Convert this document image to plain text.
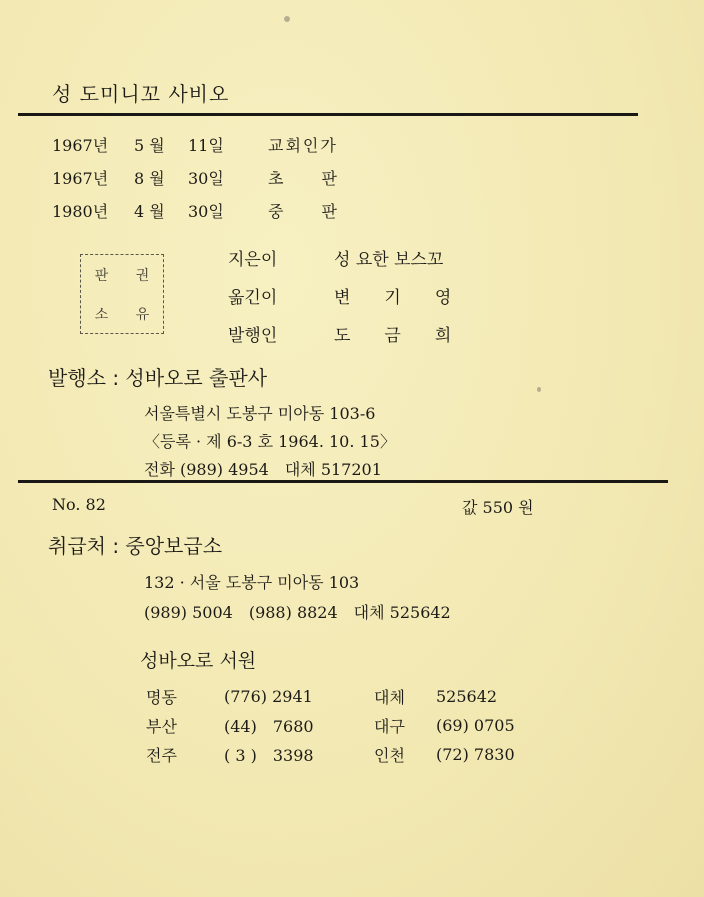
성 도미니꼬 사비오
1967년	5 월	11일	교회인가
1967년	8 월	30일	초　　판
1980년	4 월	30일	중　　판
판 권
소 유
지은이	성 요한 보스꼬
옮긴이	변　　기　　영
발행인	도　　금　　희
발행소 : 성바오로 출판사
서울특별시 도봉구 미아동 103-6
〈등록 · 제 6-3 호 1964. 10. 15〉
전화 (989) 4954　대체 517201
No. 82	값 550 원
취급처 : 중앙보급소
132 · 서울 도봉구 미아동 103
(989) 5004　(988) 8824　대체 525642
성바오로 서원
명동	(776) 2941	대체	525642
부산	(44)　7680	대구	(69) 0705
전주	( 3 )　3398	인천	(72) 7830
